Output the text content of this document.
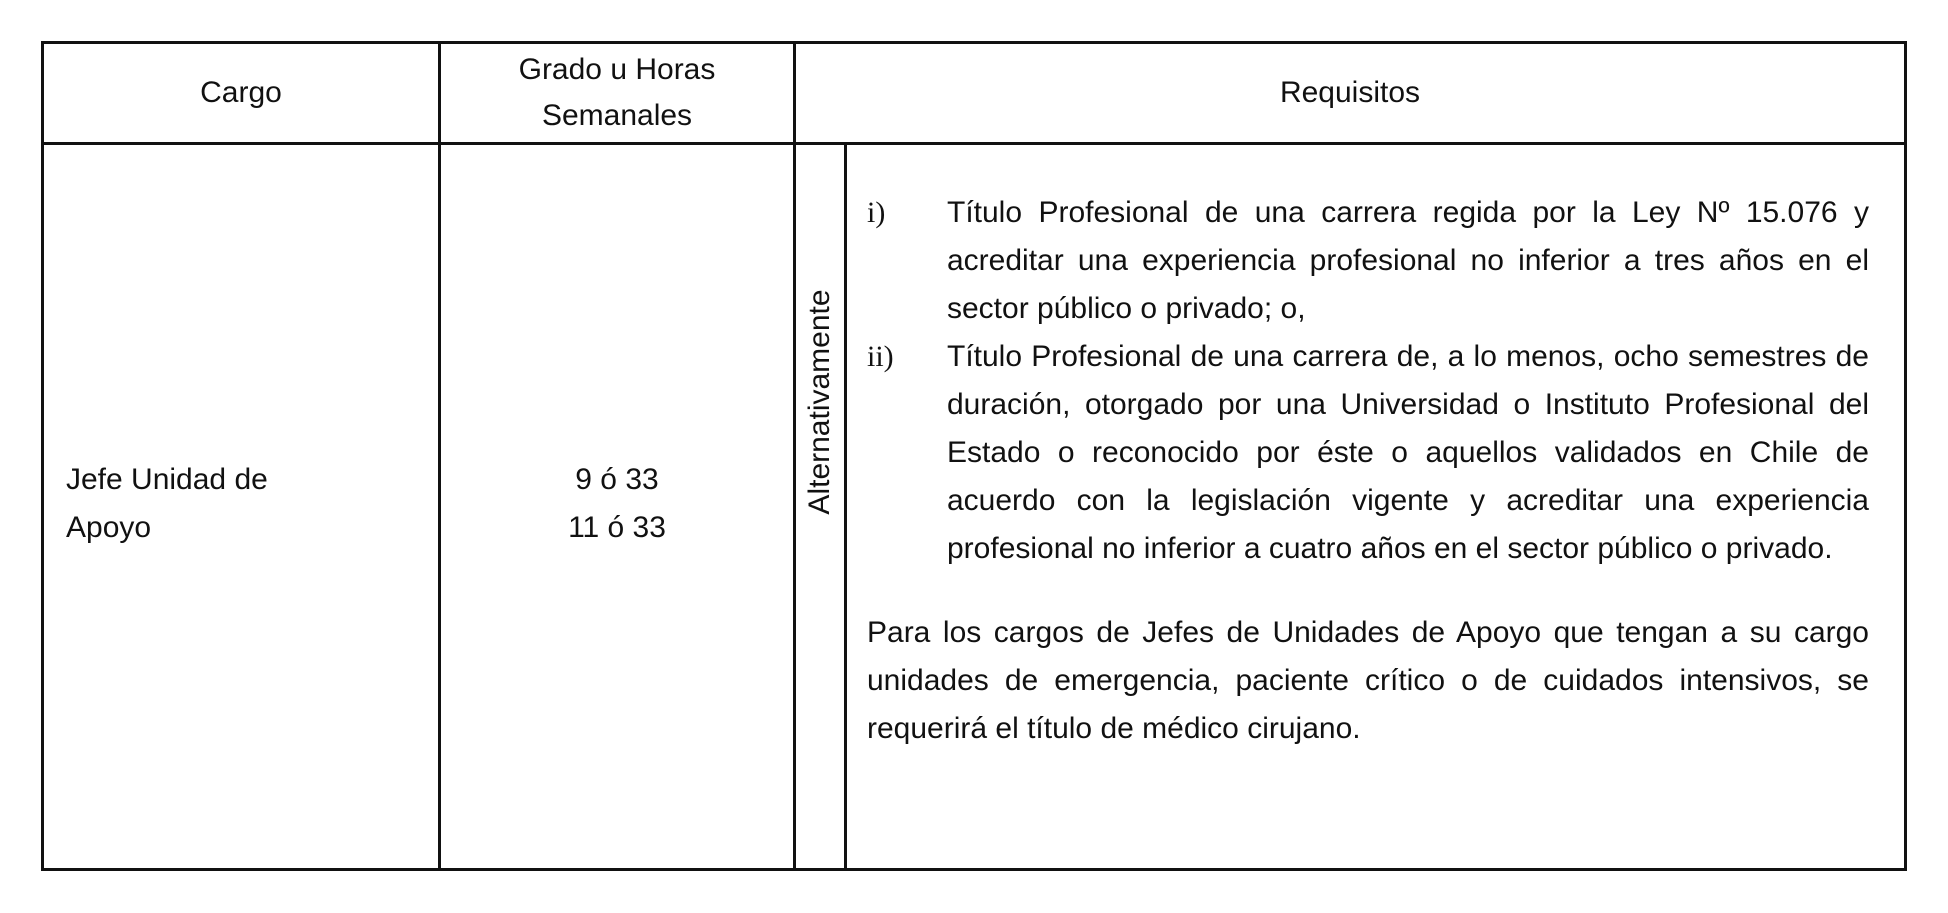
Cargo
Grado u Horas
Semanales
Requisitos
Jefe Unidad de
Apoyo
9 ó 33
11 ó 33
Alternativamente
i)	Título Profesional de una carrera regida por la Ley Nº 15.076 y acreditar una experiencia profesional no inferior a tres años en el sector público o privado; o,
ii)	Título Profesional de una carrera de, a lo menos, ocho semestres de duración, otorgado por una Universidad o Instituto Profesional del Estado o reconocido por éste o aquellos validados en Chile de acuerdo con la legislación vigente y acreditar una experiencia profesional no inferior a cuatro años en el sector público o privado.
Para los cargos de Jefes de Unidades de Apoyo que tengan a su cargo unidades de emergencia, paciente crítico o de cuidados intensivos, se requerirá el título de médico cirujano.
